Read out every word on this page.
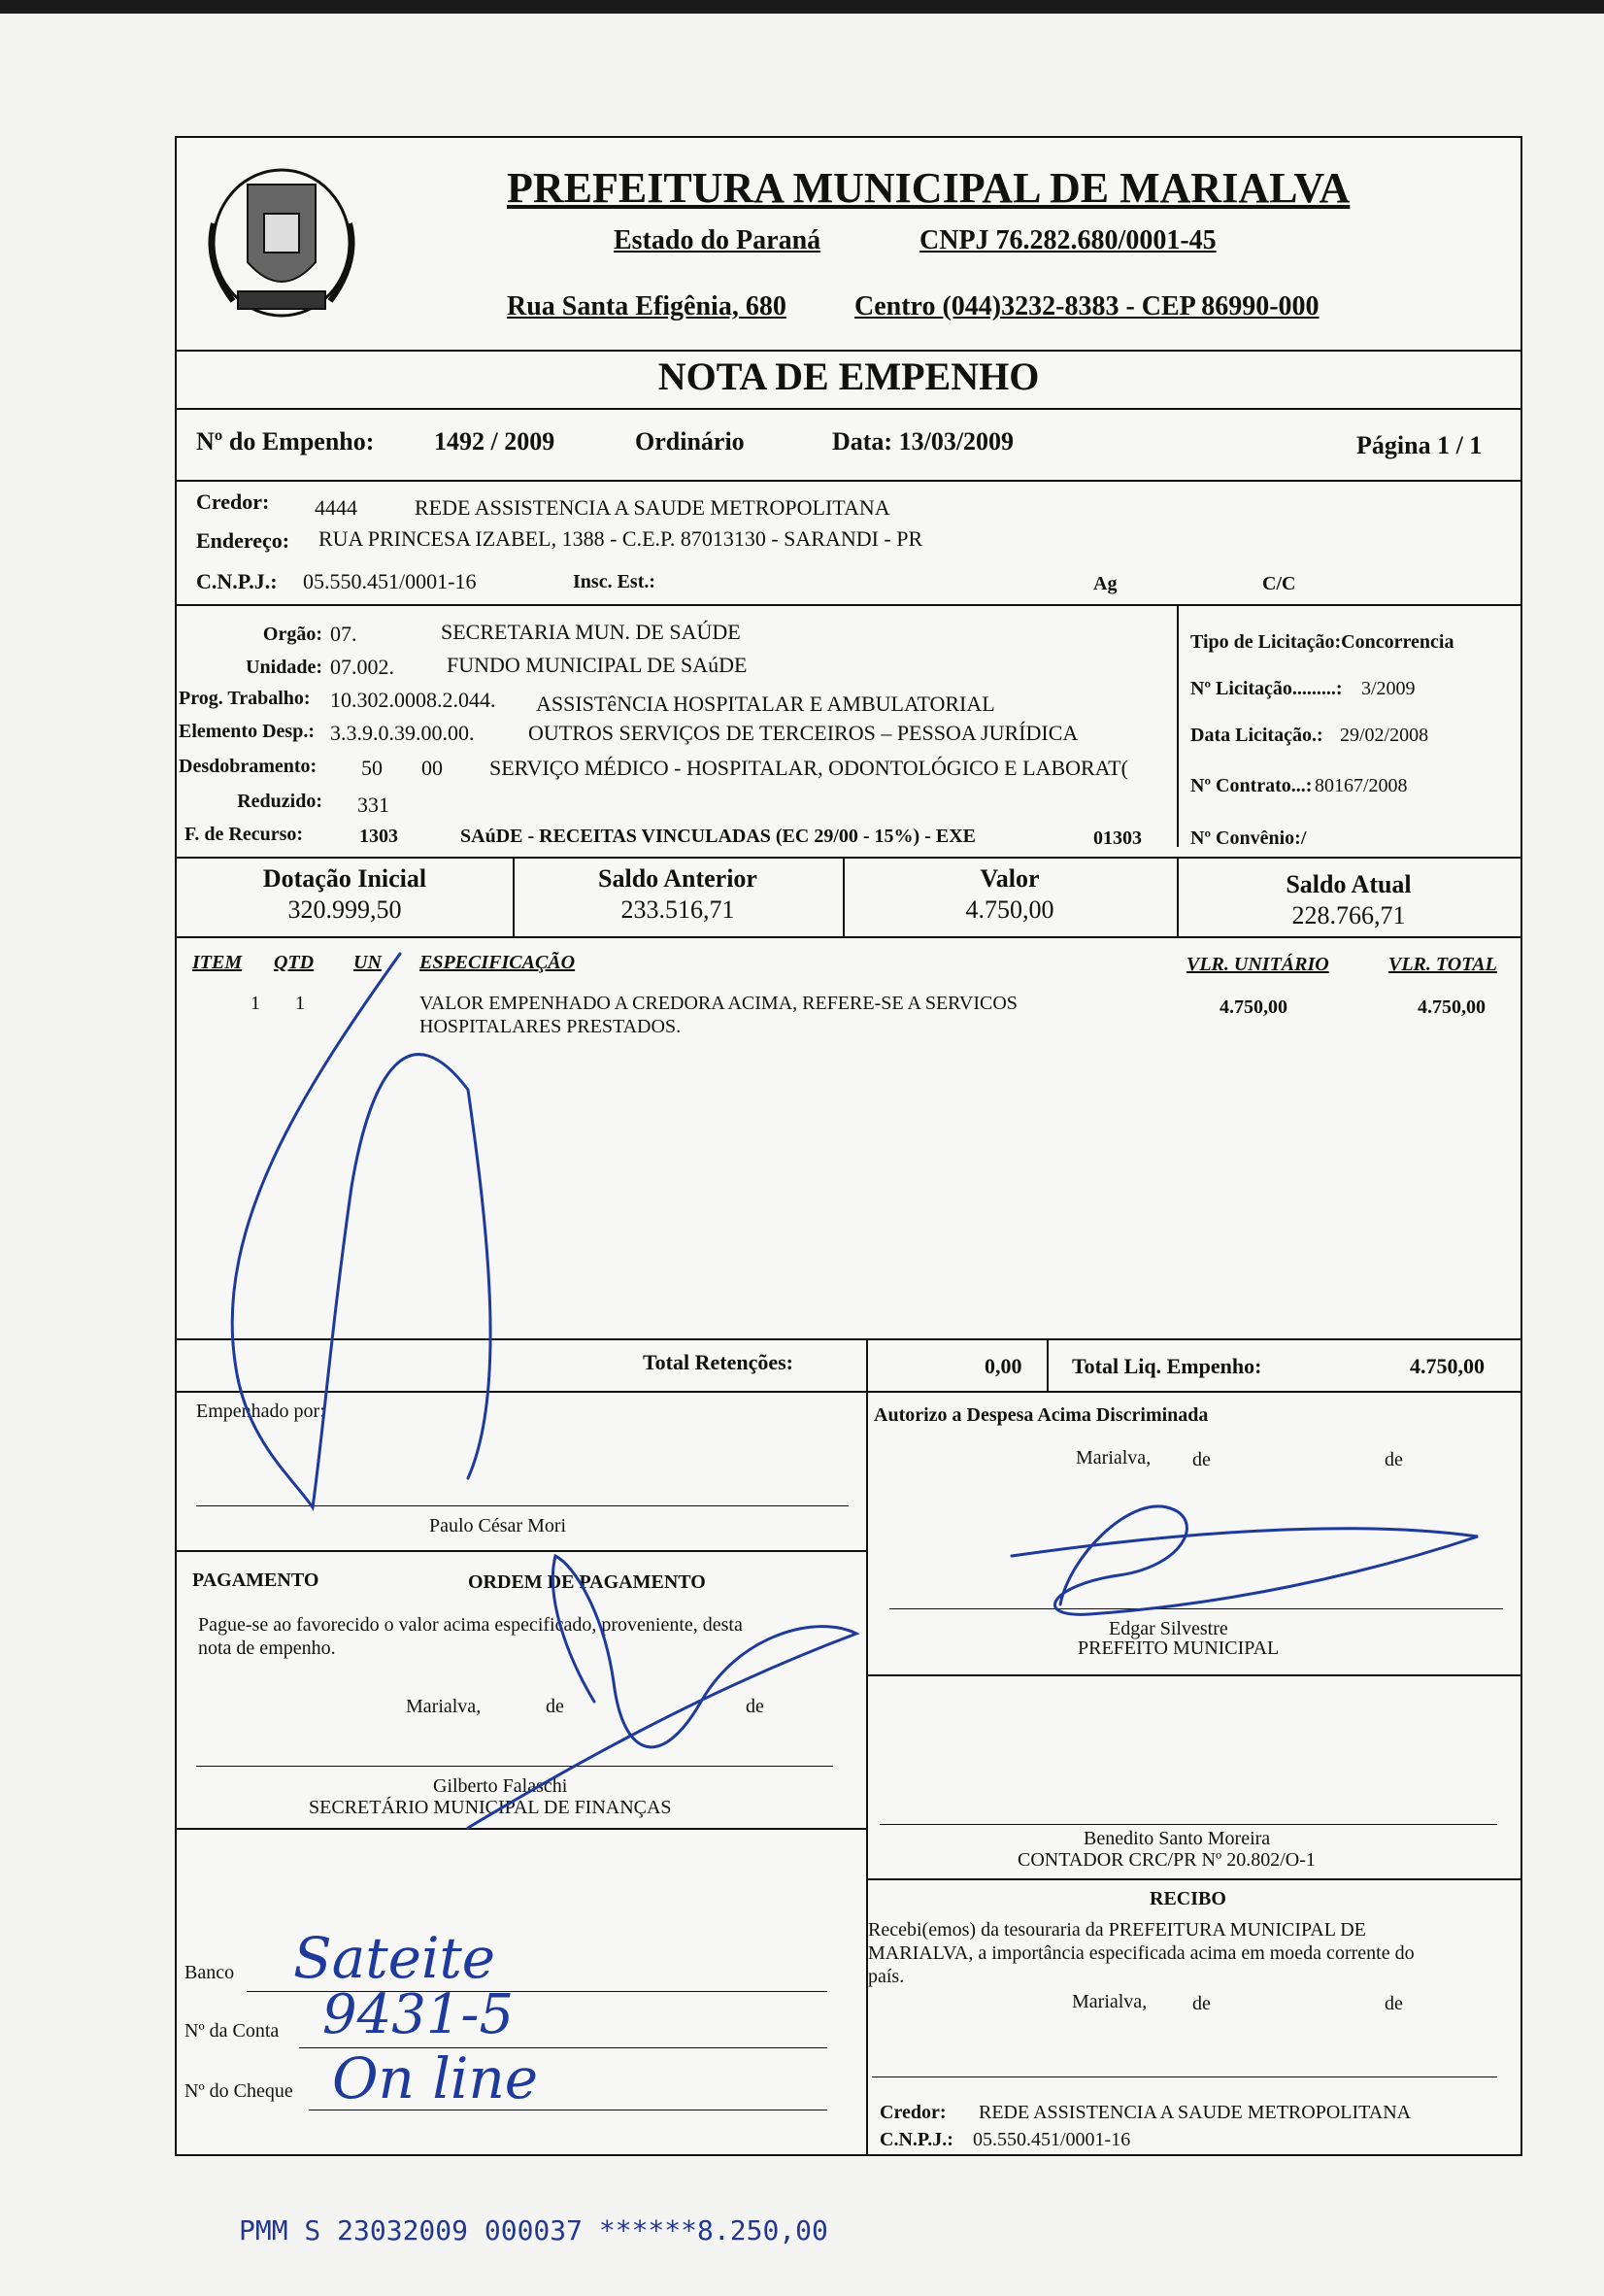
PREFEITURA MUNICIPAL DE MARIALVA
Estado do Paraná	CNPJ 76.282.680/0001-45
Rua Santa Efigênia, 680	Centro (044)3232-8383 - CEP 86990-000
NOTA DE EMPENHO
Nº do Empenho: 1492 / 2009	Ordinário	Data: 13/03/2009	Página 1 / 1
Credor: 4444	REDE ASSISTENCIA A SAUDE METROPOLITANA
Endereço: RUA PRINCESA IZABEL, 1388 - C.E.P. 87013130 - SARANDI - PR
C.N.P.J.: 05.550.451/0001-16	Insc. Est.:	Ag	C/C
Orgão: 07.	SECRETARIA MUN. DE SAÚDE
Unidade: 07.002. FUNDO MUNICIPAL DE SAúDE
Prog. Trabalho: 10.302.0008.2.044. ASSISTêNCIA HOSPITALAR E AMBULATORIAL
Elemento Desp.: 3.3.9.0.39.00.00.	OUTROS SERVIÇOS DE TERCEIROS – PESSOA JURÍDICA
Desdobramento: 50 00 SERVIÇO MÉDICO - HOSPITALAR, ODONTOLÓGICO E LABORAT(
Reduzido: 331
F. de Recurso:	1303	SAúDE - RECEITAS VINCULADAS (EC 29/00 - 15%) - EXE	01303
Tipo de Licitação:Concorrencia
Nº Licitação.........: 3/2009
Data Licitação.: 29/02/2008
Nº Contrato...: 80167/2008
Nº Convênio:/
Dotação Inicial
320.999,50
Saldo Anterior
233.516,71
Valor
4.750,00
Saldo Atual
228.766,71
ITEM QTD UN ESPECIFICAÇÃO	VLR. UNITÁRIO	VLR. TOTAL
1 1	VALOR EMPENHADO A CREDORA ACIMA, REFERE-SE A SERVICOS
HOSPITALARES PRESTADOS.
4.750,00	4.750,00
Total Retenções:	0,00 Total Liq. Empenho:	4.750,00
Empenhado por:
Paulo César Mori
Autorizo a Despesa Acima Discriminada
Marialva, de	de
Edgar Silvestre
PREFEITO MUNICIPAL
PAGAMENTO	ORDEM DE PAGAMENTO
Pague-se ao favorecido o valor acima especificado, proveniente, desta
nota de empenho.
Marialva,	de	de
Gilberto Falaschi
SECRETÁRIO MUNICIPAL DE FINANÇAS
Benedito Santo Moreira
CONTADOR CRC/PR Nº 20.802/O-1
RECIBO
Recebi(emos) da tesouraria da PREFEITURA MUNICIPAL DE
MARIALVA, a importância especificada acima em moeda corrente do
país.
Marialva, de	de
Credor: REDE ASSISTENCIA A SAUDE METROPOLITANA
C.N.P.J.: 05.550.451/0001-16
Banco
Nº da Conta
Nº do Cheque
Sateite
9431-5
On line
PMM S 23032009 000037 ******8.250,00
